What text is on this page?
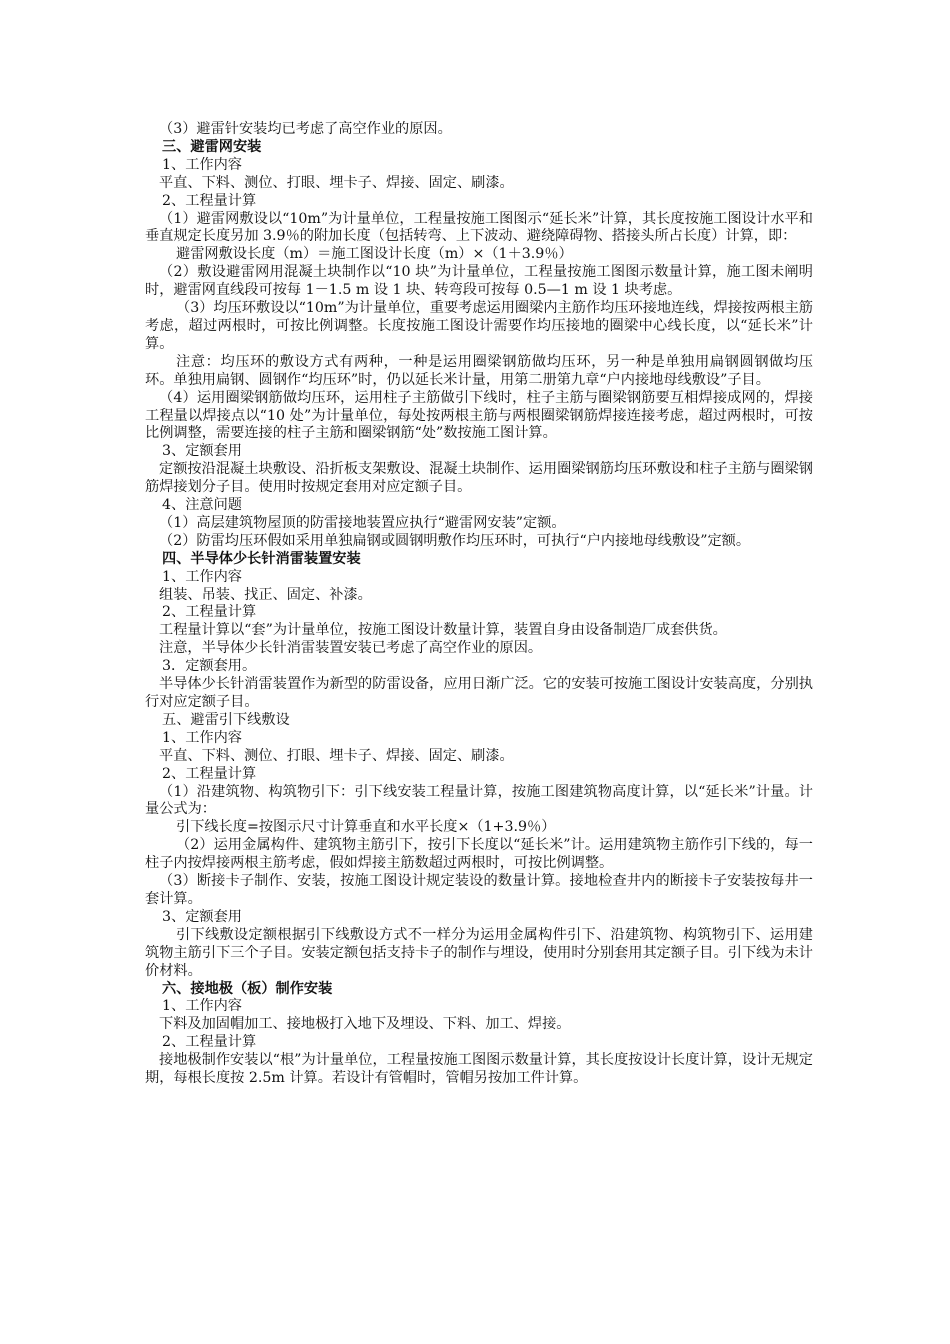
（3）避雷针安装均已考虑了高空作业的原因。

三、避雷网安装

1、工作内容

平直、下料、测位、打眼、埋卡子、焊接、固定、刷漆。

2、工程量计算

（1）避雷网敷设以“10m”为计量单位，工程量按施工图图示“延长米”计算，其长度按施工图设计水平和垂直规定长度另加 3.9％的附加长度（包括转弯、上下波动、避绕障碍物、搭接头所占长度）计算，即：

避雷网敷设长度（m）＝施工图设计长度（m）×（1＋3.9％）

（2）敷设避雷网用混凝土块制作以“10 块”为计量单位，工程量按施工图图示数量计算，施工图未阐明时，避雷网直线段可按每 1－1.5 m 设 1 块、转弯段可按每 0.5—1 m 设 1 块考虑。

（3）均压环敷设以“10m”为计量单位，重要考虑运用圈梁内主筋作均压环接地连线，焊接按两根主筋考虑，超过两根时，可按比例调整。长度按施工图设计需要作均压接地的圈梁中心线长度，以“延长米”计算。

注意：均压环的敷设方式有两种，一种是运用圈梁钢筋做均压环，另一种是单独用扁钢圆钢做均压环。单独用扁钢、圆钢作“均压环”时，仍以延长米计量，用第二册第九章“户内接地母线敷设”子目。

（4）运用圈梁钢筋做均压环，运用柱子主筋做引下线时，柱子主筋与圈梁钢筋要互相焊接成网的，焊接工程量以焊接点以“10 处”为计量单位，每处按两根主筋与两根圈梁钢筋焊接连接考虑，超过两根时，可按比例调整，需要连接的柱子主筋和圈梁钢筋“处”数按施工图计算。

3、定额套用

定额按沿混凝土块敷设、沿折板支架敷设、混凝土块制作、运用圈梁钢筋均压环敷设和柱子主筋与圈梁钢筋焊接划分子目。使用时按规定套用对应定额子目。

4、注意问题

（1）高层建筑物屋顶的防雷接地装置应执行“避雷网安装”定额。

（2）防雷均压环假如采用单独扁钢或圆钢明敷作均压环时，可执行“户内接地母线敷设”定额。

四、半导体少长针消雷装置安装

1、工作内容

组装、吊装、找正、固定、补漆。

2、工程量计算

工程量计算以“套”为计量单位，按施工图设计数量计算，装置自身由设备制造厂成套供货。

注意，半导体少长针消雷装置安装已考虑了高空作业的原因。

3．定额套用。

半导体少长针消雷装置作为新型的防雷设备，应用日渐广泛。它的安装可按施工图设计安装高度，分别执行对应定额子目。

五、避雷引下线敷设

1、工作内容

平直、下料、测位、打眼、埋卡子、焊接、固定、刷漆。

2、工程量计算

（1）沿建筑物、构筑物引下：引下线安装工程量计算，按施工图建筑物高度计算，以“延长米”计量。计量公式为：

引下线长度=按图示尺寸计算垂直和水平长度×（1+3.9％）

（2）运用金属构件、建筑物主筋引下，按引下长度以“延长米”计。运用建筑物主筋作引下线的，每一柱子内按焊接两根主筋考虑，假如焊接主筋数超过两根时，可按比例调整。

（3）断接卡子制作、安装，按施工图设计规定装设的数量计算。接地检查井内的断接卡子安装按每井一套计算。

3、定额套用

引下线敷设定额根据引下线敷设方式不一样分为运用金属构件引下、沿建筑物、构筑物引下、运用建筑物主筋引下三个子目。安装定额包括支持卡子的制作与埋设，使用时分别套用其定额子目。引下线为未计价材料。

六、接地极（板）制作安装

1、工作内容

下料及加固帽加工、接地极打入地下及埋设、下料、加工、焊接。

2、工程量计算

接地极制作安装以“根”为计量单位，工程量按施工图图示数量计算，其长度按设计长度计算，设计无规定期，每根长度按 2.5m 计算。若设计有管帽时，管帽另按加工件计算。
